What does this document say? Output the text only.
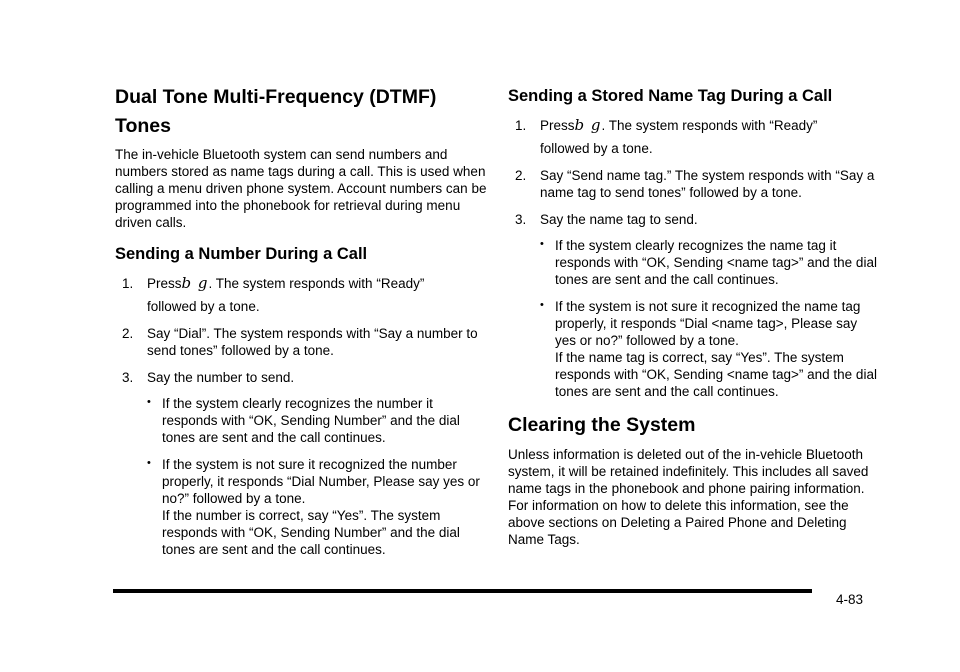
Dual Tone Multi-Frequency (DTMF)
Tones

The in-vehicle Bluetooth system can send numbers and numbers stored as name tags during a call. This is used when calling a menu driven phone system. Account numbers can be programmed into the phonebook for retrieval during menu driven calls.

Sending a Number During a Call
1. Pressb g. The system responds with “Ready”
followed by a tone.
2. Say “Dial”. The system responds with “Say a number to send tones” followed by a tone.
3. Say the number to send.
• If the system clearly recognizes the number it responds with “OK, Sending Number” and the dial tones are sent and the call continues.
• If the system is not sure it recognized the number properly, it responds “Dial Number, Please say yes or no?” followed by a tone.
If the number is correct, say “Yes”. The system responds with “OK, Sending Number” and the dial tones are sent and the call continues.
Sending a Stored Name Tag During a Call
1. Pressb g. The system responds with “Ready”
followed by a tone.
2. Say “Send name tag.” The system responds with “Say a name tag to send tones” followed by a tone.
3. Say the name tag to send.
• If the system clearly recognizes the name tag it responds with “OK, Sending <name tag>” and the dial tones are sent and the call continues.
• If the system is not sure it recognized the name tag properly, it responds “Dial <name tag>, Please say yes or no?” followed by a tone.
If the name tag is correct, say “Yes”. The system responds with “OK, Sending <name tag>” and the dial tones are sent and the call continues.
Clearing the System

Unless information is deleted out of the in-vehicle Bluetooth system, it will be retained indefinitely. This includes all saved name tags in the phonebook and phone pairing information. For information on how to delete this information, see the above sections on Deleting a Paired Phone and Deleting Name Tags.

4-83
